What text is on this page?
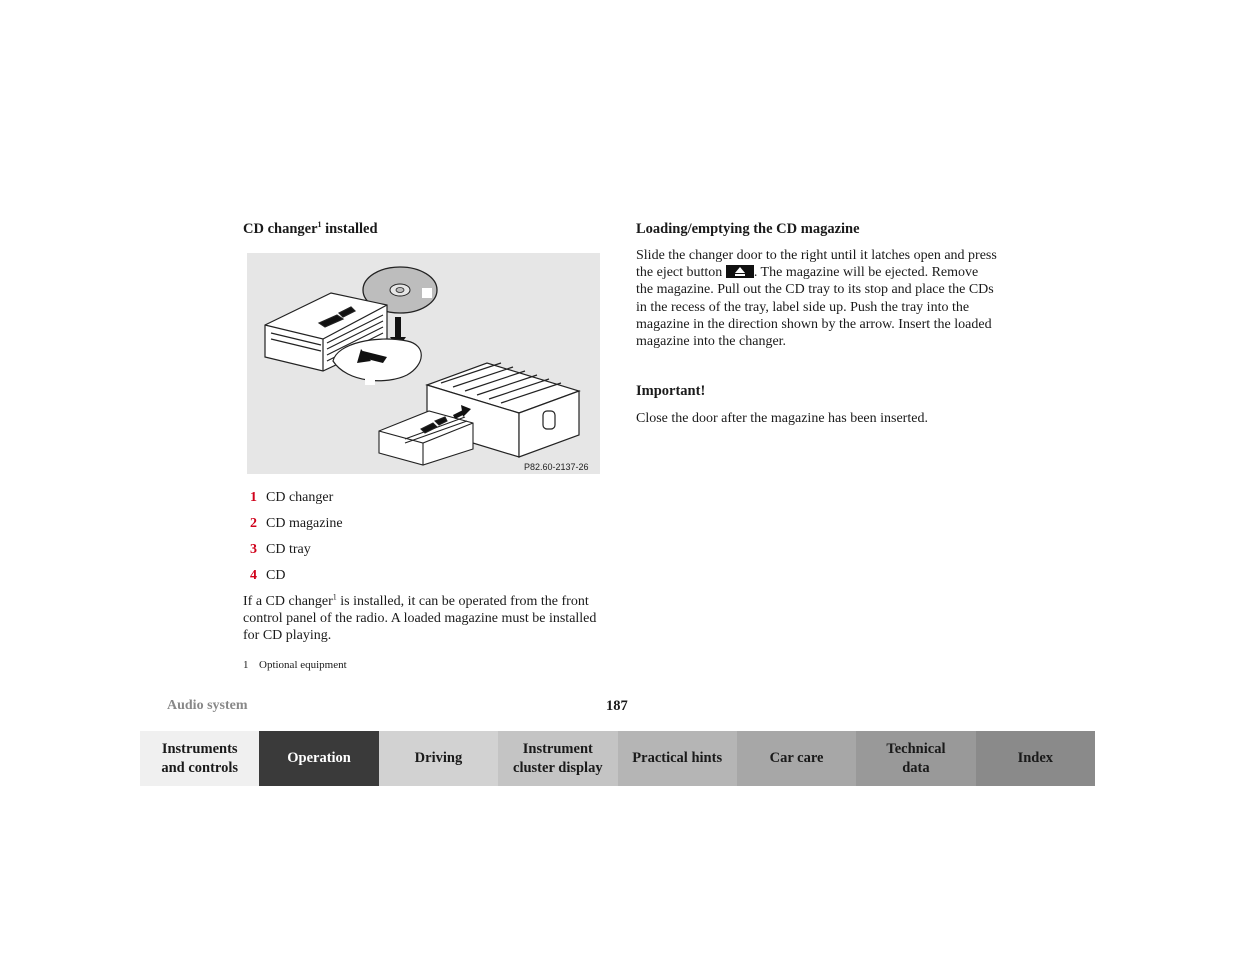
CD changer$^1$ installed
P82.60-2137-26
1 CD changer
2 CD magazine
3 CD tray
4 CD
If a CD changer$^1$ is installed, it can be operated from the front control panel of the radio. A loaded magazine must be installed for CD playing.
1 Optional equipment
Loading/emptying the CD magazine
Slide the changer door to the right until it latches open and press the eject button . The magazine will be ejected. Remove the magazine. Pull out the CD tray to its stop and place the CDs in the recess of the tray, label side up. Push the tray into the magazine in the direction shown by the arrow. Insert the loaded magazine into the changer.
Important!
Close the door after the magazine has been inserted.
Audio system	187
Instruments
and controls
Operation	Driving
Instrument
cluster display
Practical hints	Car care
Technical
data
Index
